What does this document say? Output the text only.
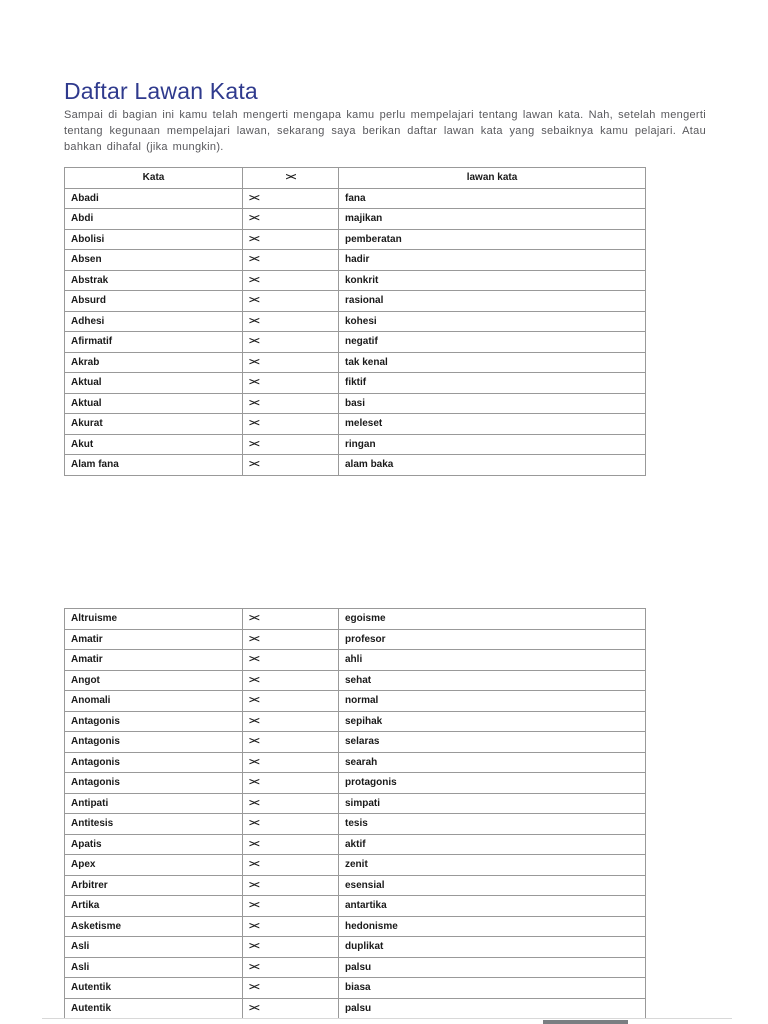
Daftar Lawan Kata

Sampai di bagian ini kamu telah mengerti mengapa kamu perlu mempelajari tentang lawan kata. Nah, setelah mengerti tentang kegunaan mempelajari lawan, sekarang saya berikan daftar lawan kata yang sebaiknya kamu pelajari. Atau bahkan dihafal (jika mungkin).

Kata	><	lawan kata
Abadi	><	fana
Abdi	><	majikan
Abolisi	><	pemberatan
Absen	><	hadir
Abstrak	><	konkrit
Absurd	><	rasional
Adhesi	><	kohesi
Afirmatif	><	negatif
Akrab	><	tak kenal
Aktual	><	fiktif
Aktual	><	basi
Akurat	><	meleset
Akut	><	ringan
Alam fana	><	alam baka
Altruisme	><	egoisme
Amatir	><	profesor
Amatir	><	ahli
Angot	><	sehat
Anomali	><	normal
Antagonis	><	sepihak
Antagonis	><	selaras
Antagonis	><	searah
Antagonis	><	protagonis
Antipati	><	simpati
Antitesis	><	tesis
Apatis	><	aktif
Apex	><	zenit
Arbitrer	><	esensial
Artika	><	antartika
Asketisme	><	hedonisme
Asli	><	duplikat
Asli	><	palsu
Autentik	><	biasa
Autentik	><	palsu
